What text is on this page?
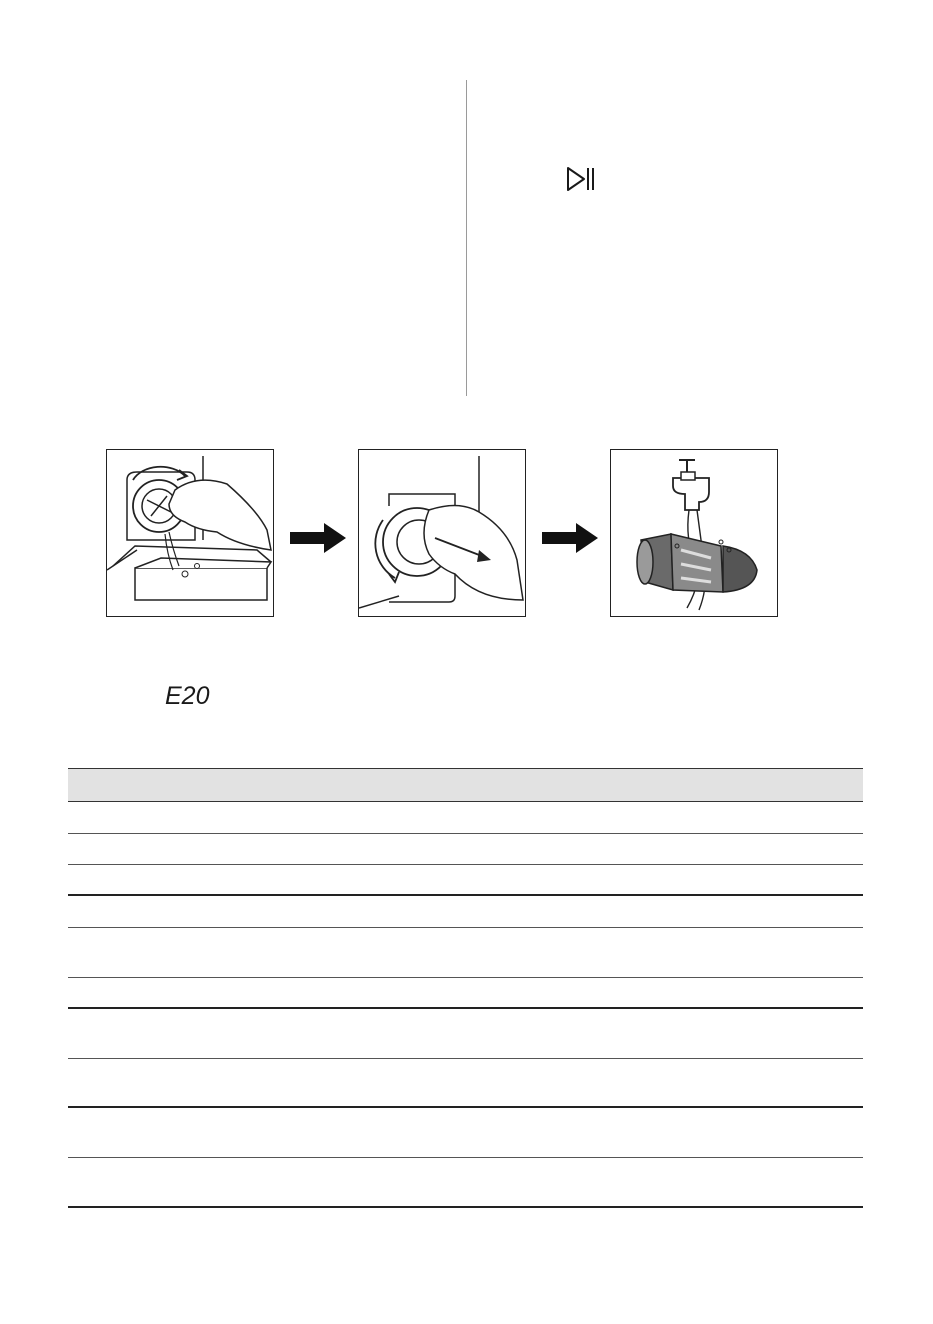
E20
